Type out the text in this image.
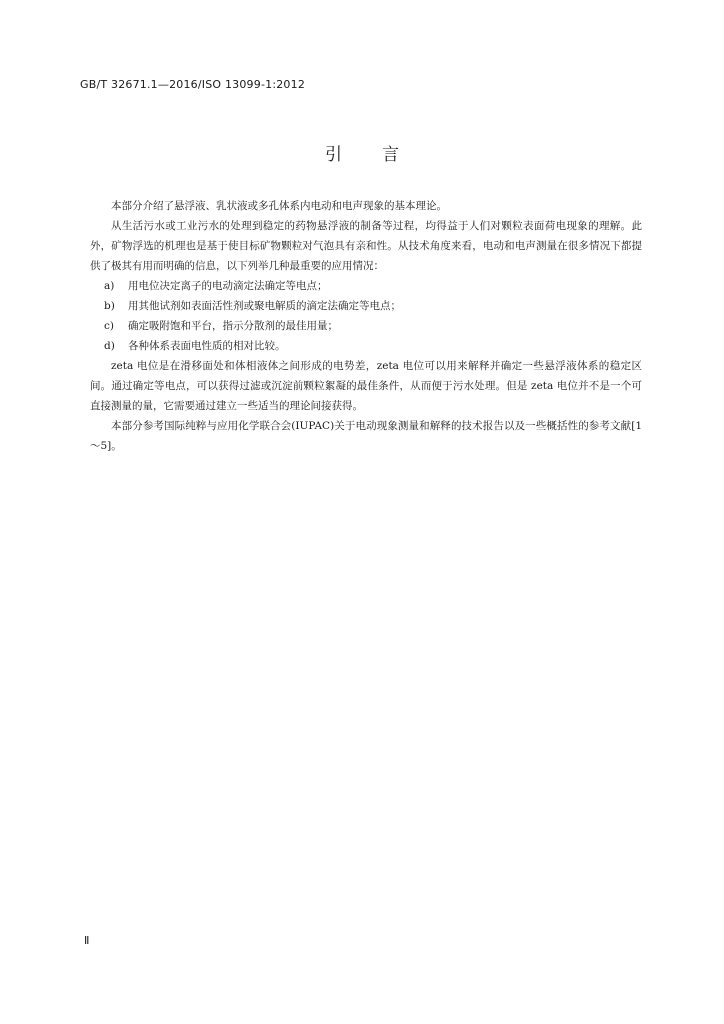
GB/T 32671.1—2016/ISO 13099-1:2012
引言

本部分介绍了悬浮液、乳状液或多孔体系内电动和电声现象的基本理论。

从生活污水或工业污水的处理到稳定的药物悬浮液的制备等过程，均得益于人们对颗粒表面荷电现象的理解。此外，矿物浮选的机理也是基于使目标矿物颗粒对气泡具有亲和性。从技术角度来看，电动和电声测量在很多情况下都提供了极其有用而明确的信息，以下列举几种最重要的应用情况：

a) 用电位决定离子的电动滴定法确定等电点；

b) 用其他试剂如表面活性剂或聚电解质的滴定法确定等电点；

c) 确定吸附饱和平台，指示分散剂的最佳用量；

d) 各种体系表面电性质的相对比较。

zeta 电位是在滑移面处和体相液体之间形成的电势差，zeta 电位可以用来解释并确定一些悬浮液体系的稳定区间。通过确定等电点，可以获得过滤或沉淀前颗粒絮凝的最佳条件，从而便于污水处理。但是 zeta 电位并不是一个可直接测量的量，它需要通过建立一些适当的理论间接获得。

本部分参考国际纯粹与应用化学联合会(IUPAC)关于电动现象测量和解释的技术报告以及一些概括性的参考文献[1～5]。

Ⅱ
